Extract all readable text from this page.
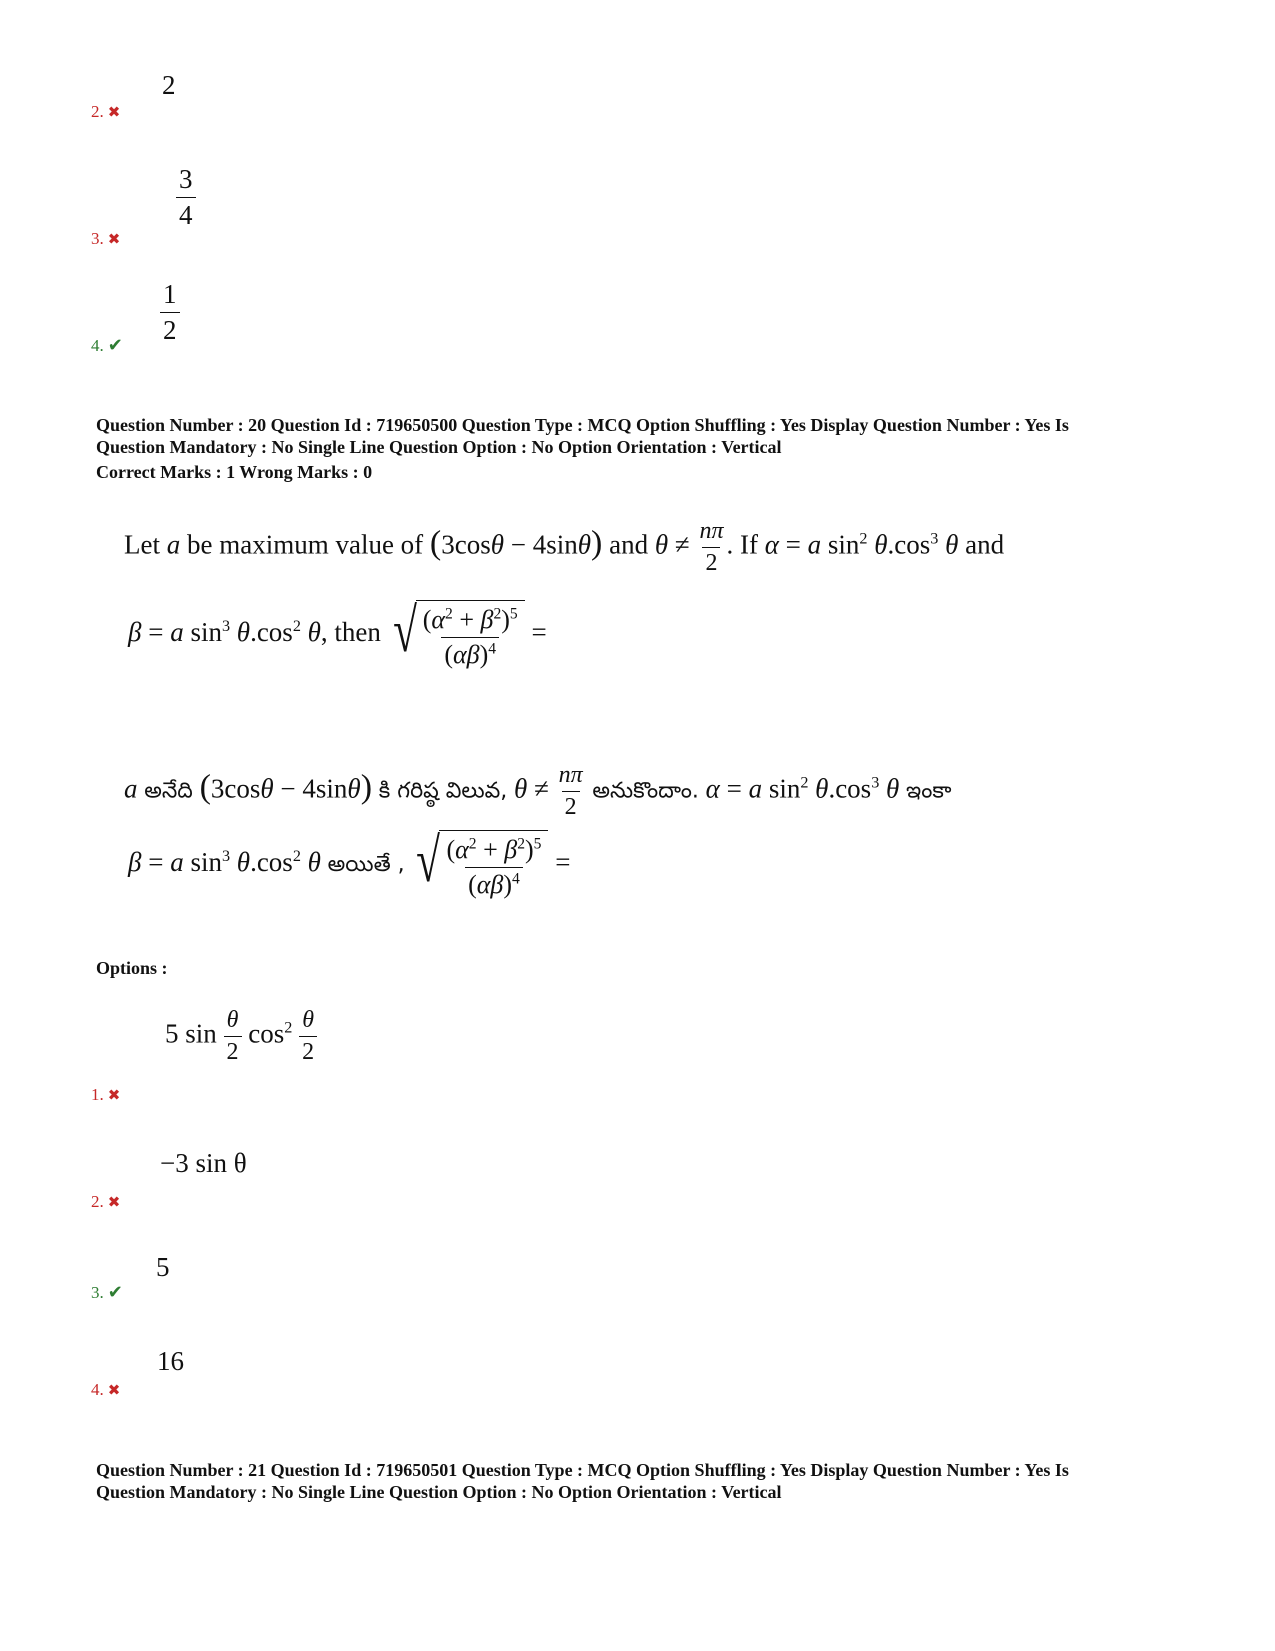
2
2. ✖
$\frac{3}{4}$
3. ✖
$\frac{1}{2}$
4. ✔
Question Number : 20 Question Id : 719650500 Question Type : MCQ Option Shuffling : Yes Display Question Number : Yes Is
Question Mandatory : No Single Line Question Option : No Option Orientation : Vertical
Correct Marks : 1 Wrong Marks : 0
Let a be maximum value of (3cosθ − 4sinθ) and $\theta \ne \frac{n\pi}{2}$ . If α = a $\sin^2 \theta.\cos^3$ θ and
β = a $\sin^3 \theta.\cos^2$ θ, then √ $\frac{(\alpha^2 + \beta^2)^5}{(\alpha\beta)^4}$ =
a అనేది (3cosθ − 4sinθ) కి గరిష్ఠ విలువ, $\theta \ne \frac{n\pi}{2}$ అనుకొందాం. α = a $\sin^2 \theta.\cos^3$ θ ఇంకా
β = a $\sin^3 \theta.\cos^2$ θ అయితే , √ $\frac{(\alpha^2 + \beta^2)^5}{(\alpha\beta)^4}$ =
Options :
5 $\sin \frac{\theta}{2} \cos^2 \frac{\theta}{2}$
1. ✖
−3 sin θ
2. ✖
5
3. ✔
16
4. ✖
Question Number : 21 Question Id : 719650501 Question Type : MCQ Option Shuffling : Yes Display Question Number : Yes Is
Question Mandatory : No Single Line Question Option : No Option Orientation : Vertical
